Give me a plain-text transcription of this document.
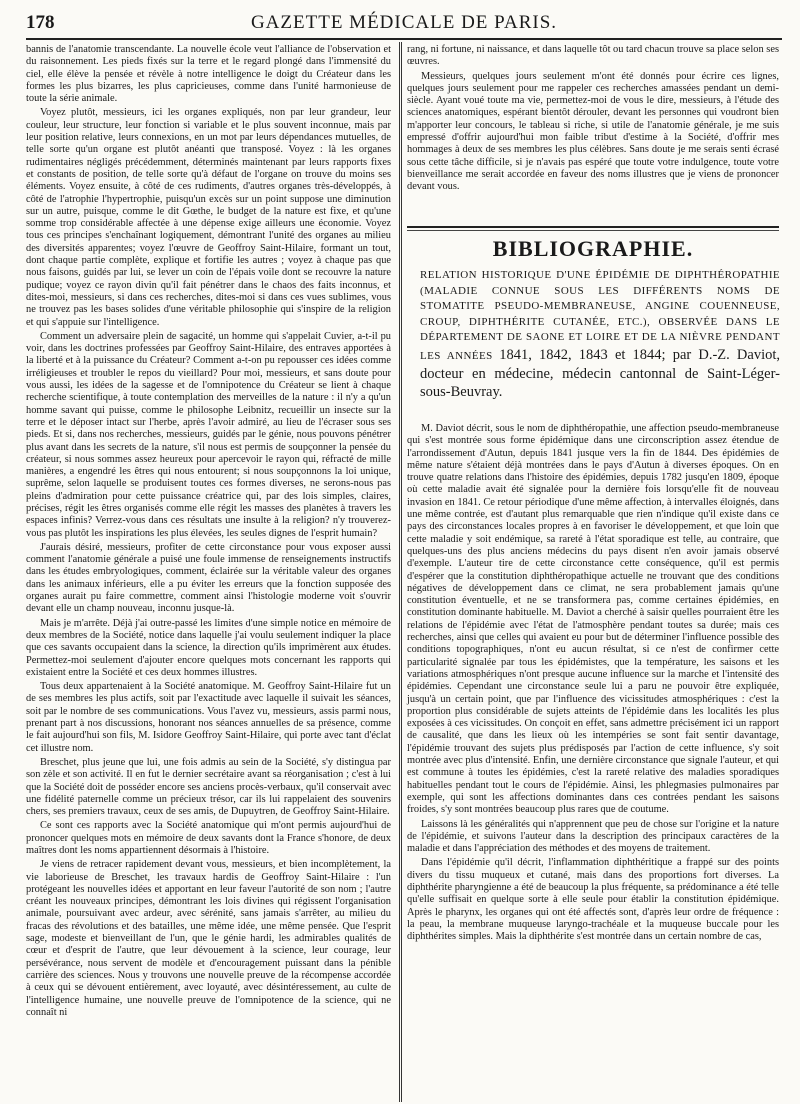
178	GAZETTE MÉDICALE DE PARIS.

bannis de l'anatomie transcendante. La nouvelle école veut l'alliance de l'observation et du raisonnement. Les pieds fixés sur la terre et le regard plongé dans l'immensité du ciel, elle élève la pensée et révèle à notre intelligence le doigt du Créateur dans les formes les plus bizarres, les plus capricieuses, comme dans l'unité harmonieuse de toute la série animale.

Voyez plutôt, messieurs, ici les organes expliqués, non par leur grandeur, leur couleur, leur structure, leur fonction si variable et le plus souvent inconnue, mais par leur position relative, leurs connexions, en un mot par leurs dépendances mutuelles, de telle sorte qu'un organe est plutôt anéanti que transposé. Voyez : là les organes rudimentaires négligés précédemment, déterminés maintenant par leurs rapports fixes et constants de position, de telle sorte qu'à défaut de l'organe on trouve du moins ses éléments. Voyez ensuite, à côté de ces rudiments, d'autres organes très-développés, à côté de l'atrophie l'hypertrophie, puisqu'un excès sur un point suppose une diminution sur un autre, puisque, comme le dit Gœthe, le budget de la nature est fixe, et qu'une somme trop considérable affectée à une dépense exige ailleurs une économie. Voyez tous ces principes s'enchaînant logiquement, démontrant l'unité des organes au milieu des diversités apparentes; voyez l'œuvre de Geoffroy Saint-Hilaire, formant un tout, dont chaque partie complète, explique et fortifie les autres ; voyez à chaque pas que nous faisons, guidés par lui, se lever un coin de l'épais voile dont se recouvre la nature pudique; voyez ce rayon divin qu'il fait pénétrer dans le chaos des faits inconnus, et dites-moi, messieurs, si dans ces recherches, dites-moi si dans ces vues sublimes, vous ne trouvez pas les bases solides d'une véritable philosophie qui s'inspire de la religion et qui s'appuie sur l'intelligence.

Comment un adversaire plein de sagacité, un homme qui s'appelait Cuvier, a-t-il pu voir, dans les doctrines professées par Geoffroy Saint-Hilaire, des entraves apportées à la liberté et à la puissance du Créateur? Comment a-t-on pu repousser ces idées comme irréligieuses et troubler le repos du vieillard? Pour moi, messieurs, et sans doute pour vous aussi, les idées de la sagesse et de l'omnipotence du Créateur se lient à chaque recherche scientifique, à toute contemplation des merveilles de la nature : il n'y a qu'un homme savant qui puisse, comme le philosophe Leibnitz, recueillir un insecte sur la terre et le déposer intact sur l'herbe, après l'avoir admiré, au lieu de l'écraser sous ses pieds. Et si, dans nos recherches, messieurs, guidés par le génie, nous pouvons pénétrer plus avant dans les secrets de la nature, s'il nous est permis de soupçonner la pensée du créateur, si nous sommes assez heureux pour apercevoir le rayon qui, réfracté de mille manières, a engendré les êtres qui nous entourent; si nous soupçonnons la loi unique, suprême, selon laquelle se produisent toutes ces formes diverses, ne serons-nous pas pleins d'admiration pour cette puissance créatrice qui, par des lois simples, claires, précises, régit les êtres organisés comme elle régit les masses des planètes à travers les espaces infinis? Verrez-vous dans ces résultats une insulte à la religion? n'y trouverez-vous pas plutôt les inspirations les plus élevées, les seules dignes de l'esprit humain?

J'aurais désiré, messieurs, profiter de cette circonstance pour vous exposer aussi comment l'anatomie générale a puisé une foule immense de renseignements instructifs dans les études embryologiques, comment, éclairée sur la véritable valeur des organes dans les animaux inférieurs, elle a pu éviter les erreurs que la fonction supposée des organes aurait pu faire commettre, comment ainsi l'histologie moderne voit s'ouvrir devant elle un champ nouveau, inconnu jusque-là.

Mais je m'arrête. Déjà j'ai outre-passé les limites d'une simple notice en mémoire de deux membres de la Société, notice dans laquelle j'ai voulu seulement indiquer la place que ces savants occupaient dans la science, la direction qu'ils imprimèrent aux études. Permettez-moi seulement d'ajouter encore quelques mots concernant les rapports qui existaient entre la Société et ces deux hommes illustres.

Tous deux appartenaient à la Société anatomique. M. Geoffroy Saint-Hilaire fut un de ses membres les plus actifs, soit par l'exactitude avec laquelle il suivait les séances, soit par le nombre de ses communications. Vous l'avez vu, messieurs, assis parmi nous, prenant part à nos discussions, honorant nos séances annuelles de sa présence, comme le fait aujourd'hui son fils, M. Isidore Geoffroy Saint-Hilaire, qui porte avec tant d'éclat cet illustre nom.

Breschet, plus jeune que lui, une fois admis au sein de la Société, s'y distingua par son zèle et son activité. Il en fut le dernier secrétaire avant sa réorganisation ; c'est à lui que la Société doit de posséder encore ses anciens procès-verbaux, qu'il conservait avec une fidélité paternelle comme un précieux trésor, car ils lui rappelaient des souvenirs chers, ses premiers travaux, ceux de ses amis, de Dupuytren, de Geoffroy Saint-Hilaire.

Ce sont ces rapports avec la Société anatomique qui m'ont permis aujourd'hui de prononcer quelques mots en mémoire de deux savants dont la France s'honore, de deux maîtres dont les noms appartiennent désormais à l'histoire.

Je viens de retracer rapidement devant vous, messieurs, et bien incomplètement, la vie laborieuse de Breschet, les travaux hardis de Geoffroy Saint-Hilaire : l'un protégeant les nouvelles idées et apportant en leur faveur l'autorité de son nom ; l'autre créant les nouveaux principes, démontrant les lois divines qui régissent l'organisation animale, poursuivant avec ardeur, avec sérénité, sans jamais s'arrêter, au milieu du fracas des révolutions et des batailles, une même idée, une même pensée. Que l'esprit sage, modeste et bienveillant de l'un, que le génie hardi, les admirables qualités de cœur et d'esprit de l'autre, que leur dévouement à la science, leur courage, leur persévérance, nous servent de modèle et d'encouragement puissant dans la pénible carrière des sciences. Nous y trouvons une nouvelle preuve de la récompense accordée à ceux qui se dévouent entièrement, avec loyauté, avec désintéressement, au culte de l'intelligence humaine, une nouvelle preuve de l'omnipotence de la science, qui ne connaît ni

rang, ni fortune, ni naissance, et dans laquelle tôt ou tard chacun trouve sa place selon ses œuvres.

Messieurs, quelques jours seulement m'ont été donnés pour écrire ces lignes, quelques jours seulement pour me rappeler ces recherches amassées pendant un demi-siècle. Ayant voué toute ma vie, permettez-moi de vous le dire, messieurs, à l'étude des sciences anatomiques, espérant bientôt dérouler, devant les personnes qui voudront bien m'apporter leur concours, le tableau si riche, si utile de l'anatomie générale, je me suis empressé d'offrir aujourd'hui mon faible tribut d'estime à la Société, d'offrir mes hommages à deux de ses membres les plus célèbres. Sans doute je me serais senti écrasé sous cette tâche difficile, si je n'avais pas espéré que toute votre indulgence, toute votre bienveillance me serait accordée en faveur des noms illustres que je viens de prononcer devant vous.

BIBLIOGRAPHIE.
RELATION HISTORIQUE D'UNE ÉPIDÉMIE DE DIPHTHÉROPATHIE (MALADIE CONNUE SOUS LES DIFFÉRENTS NOMS DE STOMATITE PSEUDO-MEMBRANEUSE, ANGINE COUENNEUSE, CROUP, DIPHTHÉRITE CUTANÉE, ETC.), OBSERVÉE DANS LE DÉPARTEMENT DE SAONE ET LOIRE ET DE LA NIÈVRE PENDANT LES ANNÉES 1841, 1842, 1843 et 1844; par D.-Z. Daviot, docteur en médecine, médecin cantonnal de Saint-Léger-sous-Beuvray.

M. Daviot décrit, sous le nom de diphthéropathie, une affection pseudo-membraneuse qui s'est montrée sous forme épidémique dans une circonscription assez étendue de l'arrondissement d'Autun, depuis 1841 jusque vers la fin de 1844. Des épidémies de même nature s'étaient déjà montrées dans le pays d'Autun à diverses époques. On en trouve quatre relations dans l'histoire des épidémies, depuis 1782 jusqu'en 1809, époque où cette maladie avait été signalée pour la dernière fois lorsqu'elle fit de nouveau invasion en 1841. Ce retour périodique d'une même affection, à intervalles éloignés, dans une même contrée, est d'autant plus remarquable que rien n'indique qu'il existe dans ce pays des circonstances locales propres à en favoriser le développement, et que loin que cette maladie y soit endémique, sa rareté à l'état sporadique est telle, au contraire, que quelques-uns des plus anciens médecins du pays disent n'en avoir jamais observé d'exemple. L'auteur tire de cette circonstance cette conséquence, qu'il est permis d'espérer que la constitution diphthéropathique actuelle ne trouvant que des conditions négatives de développement dans ce climat, ne sera probablement jamais qu'une constitution éventuelle, et ne se transformera pas, comme certaines épidémies, en constitution dominante habituelle. M. Daviot a cherché à saisir quelles pourraient être les relations de l'épidémie avec l'état de l'atmosphère pendant toutes sa durée; mais ces recherches, ainsi que celles qui avaient eu pour but de déterminer l'influence possible des conditions topographiques, n'ont eu aucun résultat, si ce n'est de confirmer cette particularité signalée par tous les épidémistes, que la température, les saisons et les variations atmosphériques n'ont presque aucune influence sur la marche et l'intensité des épidémies. Cependant une circonstance seule lui a paru ne pouvoir être expliquée, jusqu'à un certain point, que par l'influence des vicissitudes atmosphériques : c'est la proportion plus considérable de sujets atteints de l'épidémie dans les localités les plus exposées à ces vicissitudes. On conçoit en effet, sans admettre précisément ici un rapport de causalité, que dans les lieux où les intempéries se sont fait sentir davantage, l'épidémie trouvant des sujets plus prédisposés par l'action de cette influence, s'y soit montrée avec plus d'intensité. Enfin, une dernière circonstance que signale l'auteur, et qui est commune à toutes les épidémies, c'est la rareté relative des maladies sporadiques habituelles pendant tout le cours de l'épidémie. Ainsi, les phlegmasies pulmonaires par exemple, qui sont les affections dominantes dans ces contrées pendant les saisons froides, s'y sont montrées beaucoup plus rares que de coutume.

Laissons là les généralités qui n'apprennent que peu de chose sur l'origine et la nature de l'épidémie, et suivons l'auteur dans la description des principaux caractères de la maladie et dans l'appréciation des méthodes et des moyens de traitement.

Dans l'épidémie qu'il décrit, l'inflammation diphthéritique a frappé sur des points divers du tissu muqueux et cutané, mais dans des proportions fort diverses. La diphthérite pharyngienne a été de beaucoup la plus fréquente, sa prédominance a été telle qu'elle suffisait en quelque sorte à elle seule pour établir la constitution épidémique. Après le pharynx, les organes qui ont été affectés sont, d'après leur ordre de fréquence : la peau, la membrane muqueuse laryngo-trachéale et la muqueuse buccale pour les diphthérites simples. Mais la diphthérite s'est montrée dans un certain nombre de cas,
